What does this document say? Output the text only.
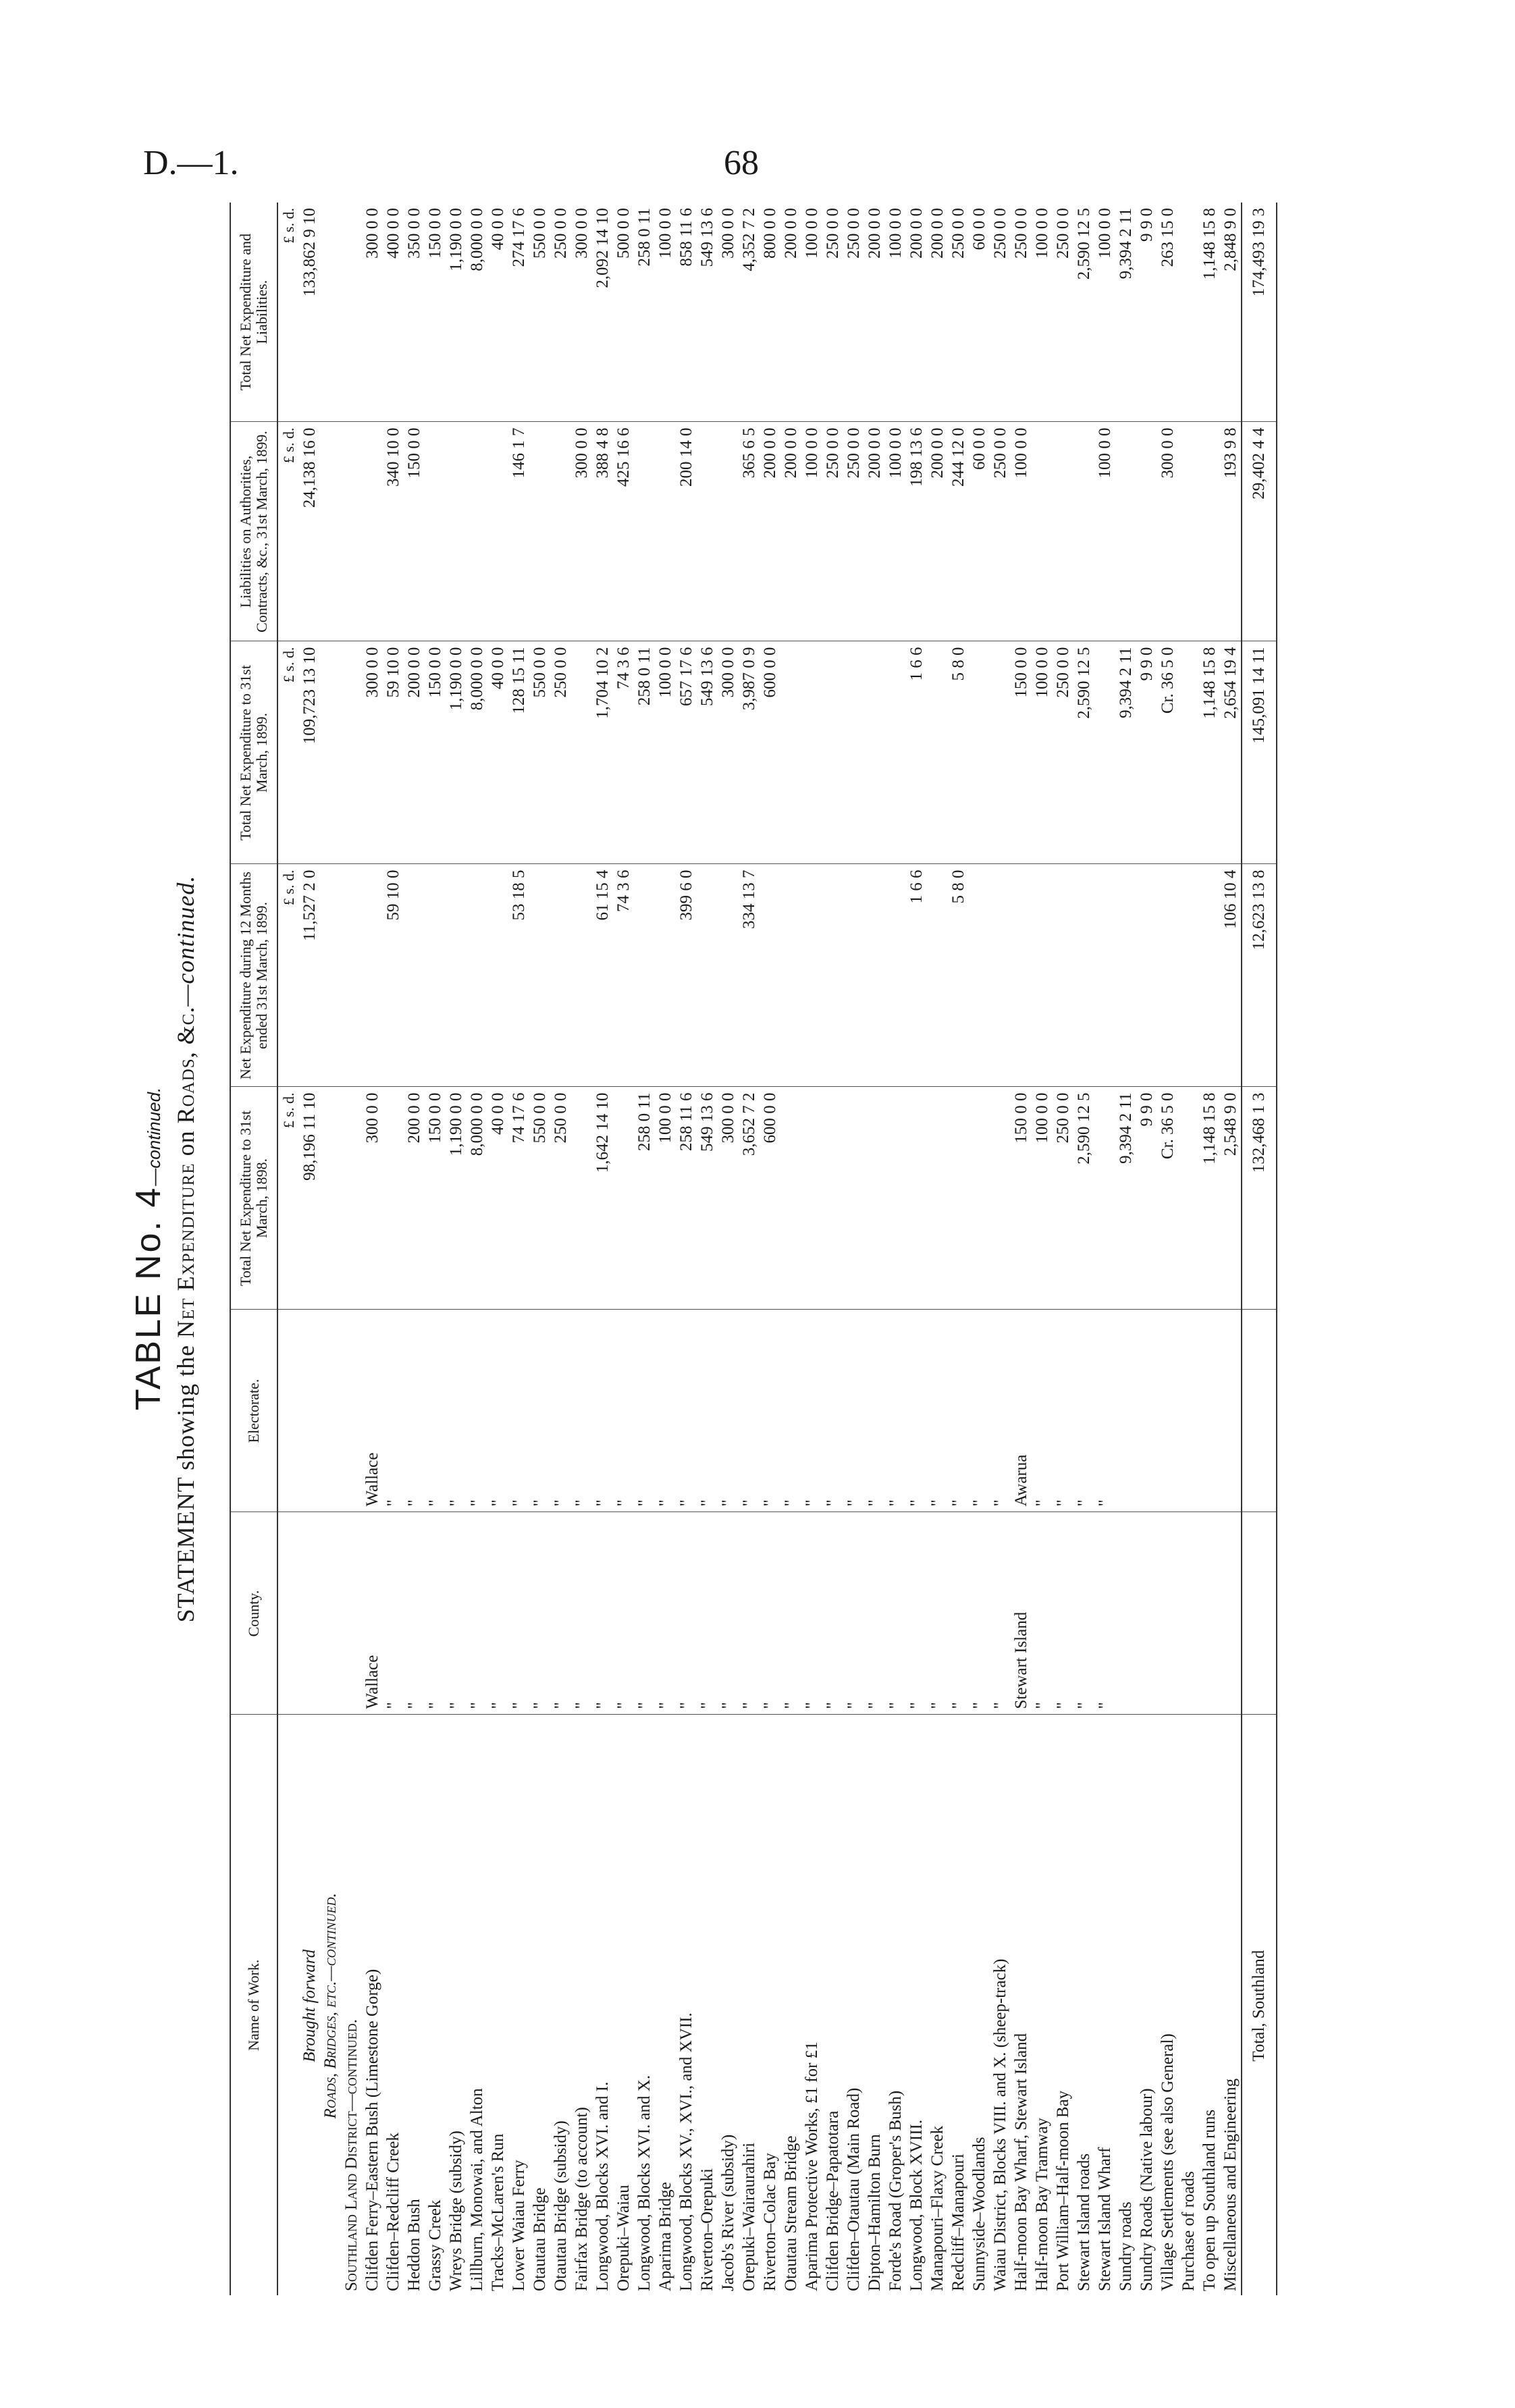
D.—1.	68
TABLE No. 4—continued.
STATEMENT showing the Net Expenditure on Roads, &c.—continued.
Name of Work.	County.	Electorate.	Total Net Expenditure to 31st March, 1898.	Net Expenditure during 12 Months ended 31st March, 1899.	Total Net Expenditure to 31st March, 1899.	Liabilities on Authorities, Contracts, &c., 31st March, 1899.	Total Net Expenditure and Liabilities.
			£ s. d.	£ s. d.	£ s. d.	£ s. d.	£ s. d.
Brought forward			98,196 11 10	11,527 2 0	109,723 13 10	24,138 16 0	133,862 9 10
Roads, Bridges, etc.—continued.							
Southland Land District—continued.							
Clifden Ferry–Eastern Bush (Limestone Gorge)	Wallace	Wallace	300 0 0		300 0 0		300 0 0
Clifden–Redcliff Creek	"	"		59 10 0	59 10 0	340 10 0	400 0 0
Heddon Bush	"	"	200 0 0		200 0 0	150 0 0	350 0 0
Grassy Creek	"	"	150 0 0		150 0 0		150 0 0
Wreys Bridge (subsidy)	"	"	1,190 0 0		1,190 0 0		1,190 0 0
Lillburn, Monowai, and Alton	"	"	8,000 0 0		8,000 0 0		8,000 0 0
Tracks–McLaren's Run	"	"	40 0 0		40 0 0		40 0 0
Lower Waiau Ferry	"	"	74 17 6	53 18 5	128 15 11	146 1 7	274 17 6
Otautau Bridge	"	"	550 0 0		550 0 0		550 0 0
Otautau Bridge (subsidy)	"	"	250 0 0		250 0 0		250 0 0
Fairfax Bridge (to account)	"	"				300 0 0	300 0 0
Longwood, Blocks XVI. and I.	"	"	1,642 14 10	61 15 4	1,704 10 2	388 4 8	2,092 14 10
Orepuki–Waiau	"	"		74 3 6	74 3 6	425 16 6	500 0 0
Longwood, Blocks XVI. and X.	"	"	258 0 11		258 0 11		258 0 11
Aparima Bridge	"	"	100 0 0		100 0 0		100 0 0
Longwood, Blocks XV., XVI., and XVII.	"	"	258 11 6	399 6 0	657 17 6	200 14 0	858 11 6
Riverton–Orepuki	"	"	549 13 6		549 13 6		549 13 6
Jacob's River (subsidy)	"	"	300 0 0		300 0 0		300 0 0
Orepuki–Wairaurahiri	"	"	3,652 7 2	334 13 7	3,987 0 9	365 6 5	4,352 7 2
Riverton–Colac Bay	"	"	600 0 0		600 0 0	200 0 0	800 0 0
Otautau Stream Bridge	"	"				200 0 0	200 0 0
Aparima Protective Works, £1 for £1	"	"				100 0 0	100 0 0
Clifden Bridge–Papatotara	"	"				250 0 0	250 0 0
Clifden–Otautau (Main Road)	"	"				250 0 0	250 0 0
Dipton–Hamilton Burn	"	"				200 0 0	200 0 0
Forde's Road (Groper's Bush)	"	"				100 0 0	100 0 0
Longwood, Block XVIII.	"	"		1 6 6	1 6 6	198 13 6	200 0 0
Manapouri–Flaxy Creek	"	"				200 0 0	200 0 0
Redcliff–Manapouri	"	"		5 8 0	5 8 0	244 12 0	250 0 0
Sunnyside–Woodlands	"	"				60 0 0	60 0 0
Waiau District, Blocks VIII. and X. (sheep-track)	"	"				250 0 0	250 0 0
Half-moon Bay Wharf, Stewart Island	Stewart Island	Awarua	150 0 0		150 0 0	100 0 0	250 0 0
Half-moon Bay Tramway	"	"	100 0 0		100 0 0		100 0 0
Port William–Half-moon Bay	"	"	250 0 0		250 0 0		250 0 0
Stewart Island roads	"	"	2,590 12 5		2,590 12 5		2,590 12 5
Stewart Island Wharf	"	"				100 0 0	100 0 0
Sundry roads			9,394 2 11		9,394 2 11		9,394 2 11
Sundry Roads (Native labour)			9 9 0		9 9 0		9 9 0
Village Settlements (see also General)			Cr. 36 5 0		Cr. 36 5 0	300 0 0	263 15 0
Purchase of roads							
To open up Southland runs			1,148 15 8		1,148 15 8		1,148 15 8
Miscellaneous and Engineering			2,548 9 0	106 10 4	2,654 19 4	193 9 8	2,848 9 0
Total, Southland			132,468 1 3	12,623 13 8	145,091 14 11	29,402 4 4	174,493 19 3
